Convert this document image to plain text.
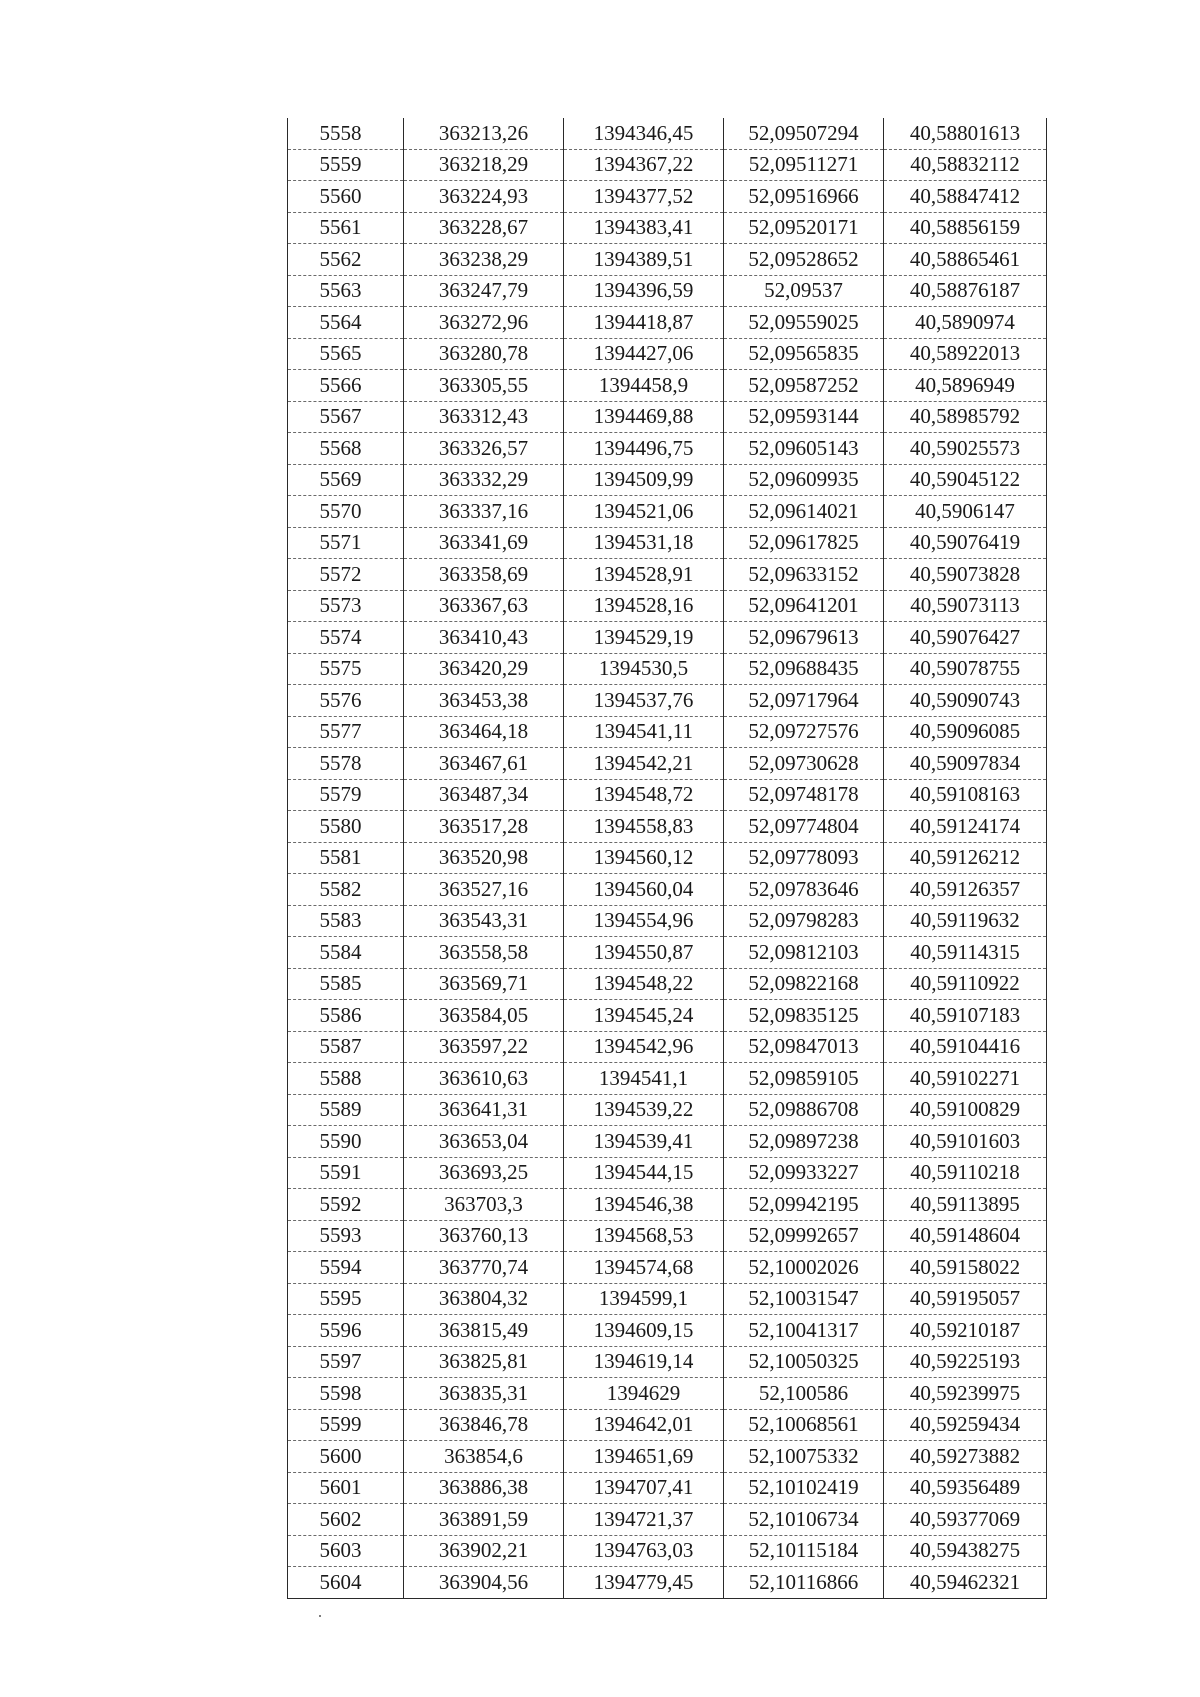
5558	363213,26	1394346,45	52,09507294	40,58801613
5559	363218,29	1394367,22	52,09511271	40,58832112
5560	363224,93	1394377,52	52,09516966	40,58847412
5561	363228,67	1394383,41	52,09520171	40,58856159
5562	363238,29	1394389,51	52,09528652	40,58865461
5563	363247,79	1394396,59	52,09537	40,58876187
5564	363272,96	1394418,87	52,09559025	40,5890974
5565	363280,78	1394427,06	52,09565835	40,58922013
5566	363305,55	1394458,9	52,09587252	40,5896949
5567	363312,43	1394469,88	52,09593144	40,58985792
5568	363326,57	1394496,75	52,09605143	40,59025573
5569	363332,29	1394509,99	52,09609935	40,59045122
5570	363337,16	1394521,06	52,09614021	40,5906147
5571	363341,69	1394531,18	52,09617825	40,59076419
5572	363358,69	1394528,91	52,09633152	40,59073828
5573	363367,63	1394528,16	52,09641201	40,59073113
5574	363410,43	1394529,19	52,09679613	40,59076427
5575	363420,29	1394530,5	52,09688435	40,59078755
5576	363453,38	1394537,76	52,09717964	40,59090743
5577	363464,18	1394541,11	52,09727576	40,59096085
5578	363467,61	1394542,21	52,09730628	40,59097834
5579	363487,34	1394548,72	52,09748178	40,59108163
5580	363517,28	1394558,83	52,09774804	40,59124174
5581	363520,98	1394560,12	52,09778093	40,59126212
5582	363527,16	1394560,04	52,09783646	40,59126357
5583	363543,31	1394554,96	52,09798283	40,59119632
5584	363558,58	1394550,87	52,09812103	40,59114315
5585	363569,71	1394548,22	52,09822168	40,59110922
5586	363584,05	1394545,24	52,09835125	40,59107183
5587	363597,22	1394542,96	52,09847013	40,59104416
5588	363610,63	1394541,1	52,09859105	40,59102271
5589	363641,31	1394539,22	52,09886708	40,59100829
5590	363653,04	1394539,41	52,09897238	40,59101603
5591	363693,25	1394544,15	52,09933227	40,59110218
5592	363703,3	1394546,38	52,09942195	40,59113895
5593	363760,13	1394568,53	52,09992657	40,59148604
5594	363770,74	1394574,68	52,10002026	40,59158022
5595	363804,32	1394599,1	52,10031547	40,59195057
5596	363815,49	1394609,15	52,10041317	40,59210187
5597	363825,81	1394619,14	52,10050325	40,59225193
5598	363835,31	1394629	52,100586	40,59239975
5599	363846,78	1394642,01	52,10068561	40,59259434
5600	363854,6	1394651,69	52,10075332	40,59273882
5601	363886,38	1394707,41	52,10102419	40,59356489
5602	363891,59	1394721,37	52,10106734	40,59377069
5603	363902,21	1394763,03	52,10115184	40,59438275
5604	363904,56	1394779,45	52,10116866	40,59462321
